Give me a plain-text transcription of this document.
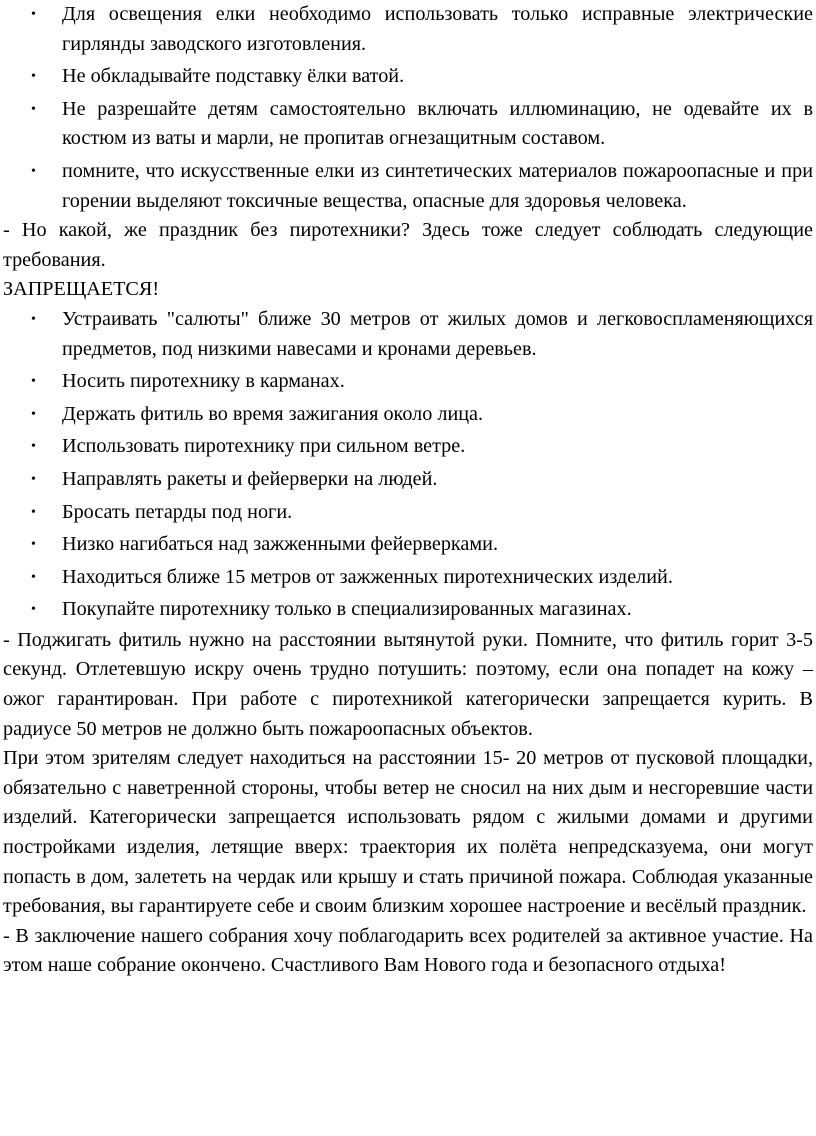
• Для освещения елки необходимо использовать только исправные электрические гирлянды заводского изготовления.
• Не обкладывайте подставку ёлки ватой.
• Не разрешайте детям самостоятельно включать иллюминацию, не одевайте их в костюм из ваты и марли, не пропитав огнезащитным составом.
• помните, что искусственные елки из синтетических материалов пожароопасные и при горении выделяют токсичные вещества, опасные для здоровья человека.

- Но какой, же праздник без пиротехники? Здесь тоже следует соблюдать следующие требования.

ЗАПРЕЩАЕТСЯ!

• Устраивать "салюты" ближе 30 метров от жилых домов и легковоспламеняющихся предметов, под низкими навесами и кронами деревьев.
• Носить пиротехнику в карманах.
• Держать фитиль во время зажигания около лица.
• Использовать пиротехнику при сильном ветре.
• Направлять ракеты и фейерверки на людей.
• Бросать петарды под ноги.
• Низко нагибаться над зажженными фейерверками.
• Находиться ближе 15 метров от зажженных пиротехнических изделий.
• Покупайте пиротехнику только в специализированных магазинах.

- Поджигать фитиль нужно на расстоянии вытянутой руки. Помните, что фитиль горит 3-5 секунд. Отлетевшую искру очень трудно потушить: поэтому, если она попадет на кожу – ожог гарантирован. При работе с пиротехникой категорически запрещается курить. В радиусе 50 метров не должно быть пожароопасных объектов.

При этом зрителям следует находиться на расстоянии 15- 20 метров от пусковой площадки, обязательно с наветренной стороны, чтобы ветер не сносил на них дым и несгоревшие части изделий. Категорически запрещается использовать рядом с жилыми домами и другими постройками изделия, летящие вверх: траектория их полёта непредсказуема, они могут попасть в дом, залететь на чердак или крышу и стать причиной пожара. Соблюдая указанные требования, вы гарантируете себе и своим близким хорошее настроение и весёлый праздник.

- В заключение нашего собрания хочу поблагодарить всех родителей за активное участие. На этом наше собрание окончено. Счастливого Вам Нового года и безопасного отдыха!
